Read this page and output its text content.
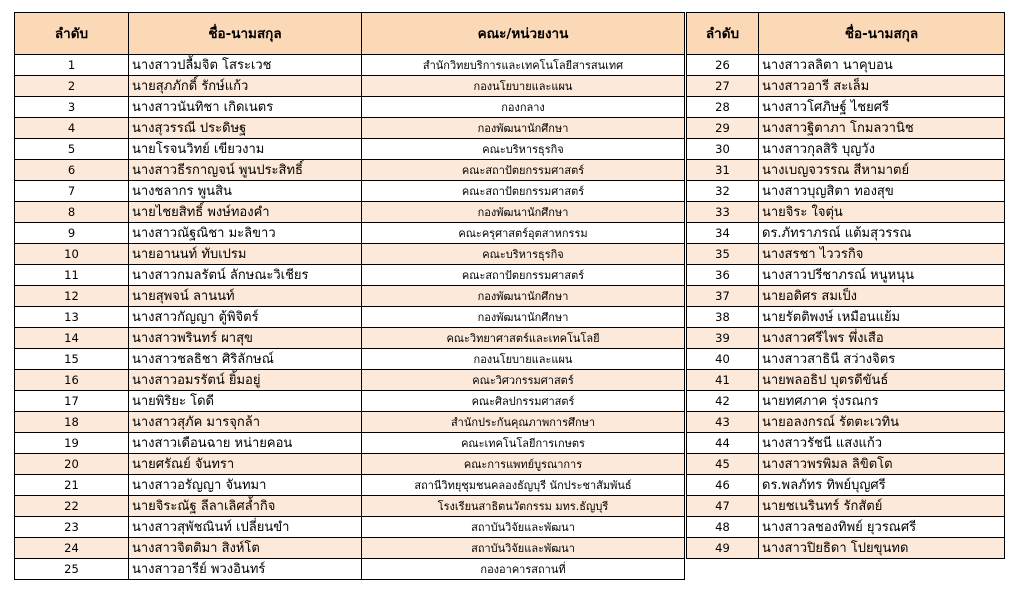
ลำดับ	ชื่อ-นามสกุล	คณะ/หน่วยงาน
1	นางสาวปลื้มจิต โสระเวช	สำนักวิทยบริการและเทคโนโลยีสารสนเทศ
2	นายสุภภักดิ์ รักษ์แก้ว	กองนโยบายและแผน
3	นางสาวนันทิชา เกิดเนตร	กองกลาง
4	นางสุวรรณี ประดิษฐ	กองพัฒนานักศึกษา
5	นายโรจนวิทย์ เขียวงาม	คณะบริหารธุรกิจ
6	นางสาวธีรกาญจน์ พูนประสิทธิ์	คณะสถาปัตยกรรมศาสตร์
7	นางชลากร พูนสิน	คณะสถาปัตยกรรมศาสตร์
8	นายไชยสิทธิ์ พงษ์ทองคำ	กองพัฒนานักศึกษา
9	นางสาวณัฐณิชา มะลิขาว	คณะครุศาสตร์อุตสาหกรรม
10	นายอานนท์ ทับเปรม	คณะบริหารธุรกิจ
11	นางสาวกมลรัตน์ ลักษณะวิเชียร	คณะสถาปัตยกรรมศาสตร์
12	นายสุพจน์ ลานนท์	กองพัฒนานักศึกษา
13	นางสาวกัญญา ตู้พิจิตร์	กองพัฒนานักศึกษา
14	นางสาวพรินทร์ ผาสุข	คณะวิทยาศาสตร์และเทคโนโลยี
15	นางสาวชลธิชา ศิริลักษณ์	กองนโยบายและแผน
16	นางสาวอมรรัตน์ ยิ้มอยู่	คณะวิศวกรรมศาสตร์
17	นายพิริยะ โดดี	คณะศิลปกรรมศาสตร์
18	นางสาวสุภัค มารจุกล้า	สำนักประกันคุณภาพการศึกษา
19	นางสาวเดือนฉาย หน่ายคอน	คณะเทคโนโลยีการเกษตร
20	นายศรัณย์ จันทรา	คณะการแพทย์บูรณาการ
21	นางสาวอรัญญา จันทมา	สถานีวิทยุชุมชนคลองธัญบุรี นักประชาสัมพันธ์
22	นายจิระณัฐ ลีลาเลิศล้ำกิจ	โรงเรียนสาธิตนวัตกรรม มทร.ธัญบุรี
23	นางสาวสุพัชณินท์ เปลี่ยนขำ	สถาบันวิจัยและพัฒนา
24	นางสาวจิตติมา สิงห์โต	สถาบันวิจัยและพัฒนา
25	นางสาวอารีย์ พวงอินทร์	กองอาคารสถานที่
ลำดับ	ชื่อ-นามสกุล
26	นางสาวลลิตา นาคุบอน
27	นางสาวอารี สะเล็ม
28	นางสาวโศภิษฐ์ ไชยศรี
29	นางสาวฐิตาภา โกมลวานิช
30	นางสาวกุลสิริ บุญวัง
31	นางเบญจวรรณ สีหามาตย์
32	นางสาวบุญสิตา ทองสุข
33	นายจิระ ใจตุ่น
34	ดร.ภัทราภรณ์ แต้มสุวรรณ
35	นางสรชา ไววรกิจ
36	นางสาวปรีชาภรณ์ หนูหนุน
37	นายอดิศร สมเป็ง
38	นายรัตติพงษ์ เหมือนแย้ม
39	นางสาวศรีไพร พึ่งเสือ
40	นางสาวสาธินี สว่างจิตร
41	นายพลอธิป บุตรดีขันธ์
42	นายทศภาค รุ่งรณกร
43	นายอลงกรณ์ รัตตะเวทิน
44	นางสาวรัชนี แสงแก้ว
45	นางสาวพรพิมล ลิขิตโต
46	ดร.พลภัทร ทิพย์บุญศรี
47	นายชเนรินทร์ รักสัตย์
48	นางสาวลชองทิพย์ ยุวรณศรี
49	นางสาวปิยธิดา โปยขุนทด
